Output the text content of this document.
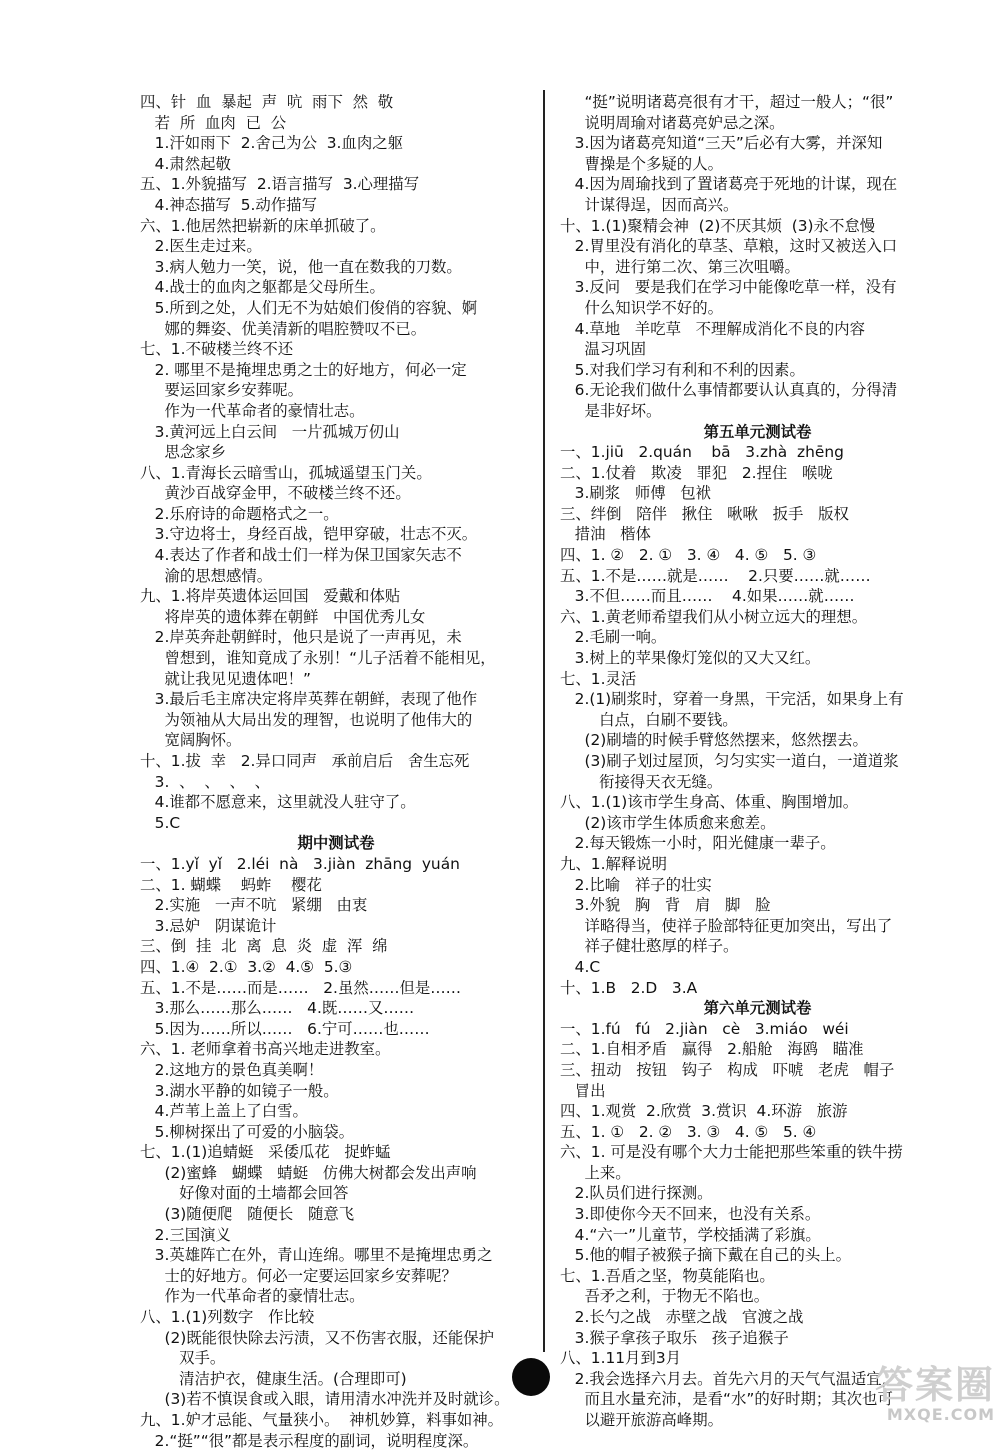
四、针  血  暴起  声  吭  雨下  然  敬
若  所  血肉  已  公
1.汗如雨下  2.舍己为公  3.血肉之躯
4.肃然起敬
五、1.外貌描写  2.语言描写  3.心理描写
4.神态描写  5.动作描写
六、1.他居然把崭新的床单抓破了。
2.医生走过来。
3.病人勉力一笑，说，他一直在数我的刀数。
4.战士的血肉之躯都是父母所生。
5.所到之处，人们无不为姑娘们俊俏的容貌、婀
娜的舞姿、优美清新的唱腔赞叹不已。
七、1.不破楼兰终不还
2. 哪里不是掩埋忠勇之士的好地方，何必一定
要运回家乡安葬呢。
作为一代革命者的豪情壮志。
3.黄河远上白云间   一片孤城万仞山
思念家乡
八、1.青海长云暗雪山，孤城遥望玉门关。
黄沙百战穿金甲，不破楼兰终不还。
2.乐府诗的命题格式之一。
3.守边将士，身经百战，铠甲穿破，壮志不灭。
4.表达了作者和战士们一样为保卫国家矢志不
渝的思想感情。
九、1.将岸英遗体运回国   爱戴和体贴
将岸英的遗体葬在朝鲜   中国优秀儿女
2.岸英奔赴朝鲜时，他只是说了一声再见，未
曾想到，谁知竟成了永别！“儿子活着不能相见，
就让我见见遗体吧！”
3.最后毛主席决定将岸英葬在朝鲜，表现了他作
为领袖从大局出发的理智，也说明了他伟大的
宽阔胸怀。
十、1.拔  幸   2.异口同声   承前启后   舍生忘死
3.  、  、  、  、
4.谁都不愿意来，这里就没人驻守了。
5.C
期中测试卷
一、1.yǐ  yǐ   2.léi  nà   3.jiàn  zhāng  yuán
二、1. 蝴蝶    蚂蚱    樱花
2.实施   一声不吭   紧绷   由衷
3.忌妒   阴谋诡计
三、倒  挂  北  离  息  炎  虚  浑  绵
四、1.④  2.①  3.②  4.⑤  5.③
五、1.不是……而是……   2.虽然……但是……
3.那么……那么……   4.既……又……
5.因为……所以……   6.宁可……也……
六、1. 老师拿着书高兴地走进教室。
2.这地方的景色真美啊！
3.湖水平静的如镜子一般。
4.芦苇上盖上了白雪。
5.柳树探出了可爱的小脑袋。
七、1.(1)追蜻蜓   采倭瓜花   捉蚱蜢
(2)蜜蜂   蝴蝶   蜻蜓   仿佛大树都会发出声响
好像对面的土墙都会回答
(3)随便爬   随便长   随意飞
2.三国演义
3.英雄阵亡在外，青山连绵。哪里不是掩埋忠勇之
士的好地方。何必一定要运回家乡安葬呢？
作为一代革命者的豪情壮志。
八、1.(1)列数字   作比较
(2)既能很快除去污渍，又不伤害衣服，还能保护
双手。
清洁护衣，健康生活。(合理即可)
(3)若不慎误食或入眼，请用清水冲洗并及时就诊。
九、1.妒才忌能、气量狭小。  神机妙算，料事如神。
2.“挺”“很”都是表示程度的副词，说明程度深。
“挺”说明诸葛亮很有才干，超过一般人；“很”
说明周瑜对诸葛亮妒忌之深。
3.因为诸葛亮知道“三天”后必有大雾，并深知
曹操是个多疑的人。
4.因为周瑜找到了置诸葛亮于死地的计谋，现在
计谋得逞，因而高兴。
十、1.(1)聚精会神  (2)不厌其烦  (3)永不怠慢
2.胃里没有消化的草茎、草粮，这时又被送入口
中，进行第二次、第三次咀嚼。
3.反问   要是我们在学习中能像吃草一样，没有
什么知识学不好的。
4.草地   羊吃草   不理解成消化不良的内容
温习巩固
5.对我们学习有利和不利的因素。
6.无论我们做什么事情都要认认真真的，分得清
是非好坏。
第五单元测试卷
一、1.jiū   2.quán    bā   3.zhà  zhēng
二、1.仗着   欺凌   罪犯   2.捏住   喉咙
3.刷浆   师傅   包袱
三、绊倒   陪伴   揪住   啾啾   扳手   版权
措油   楷体
四、1. ②   2. ①   3. ④   4. ⑤   5. ③
五、1.不是……就是……    2.只要……就……
3.不但……而且……    4.如果……就……
六、1.黄老师希望我们从小树立远大的理想。
2.毛刷一响。
3.树上的苹果像灯笼似的又大又红。
七、1.灵活
2.(1)刷浆时，穿着一身黑，干完活，如果身上有
白点，白刷不要钱。
(2)刷墙的时候手臂悠然摆来，悠然摆去。
(3)刷子划过屋顶，匀匀实实一道白，一道道浆
衔接得天衣无缝。
八、1.(1)该市学生身高、体重、胸围增加。
(2)该市学生体质愈来愈差。
2.每天锻炼一小时，阳光健康一辈子。
九、1.解释说明
2.比喻   祥子的壮实
3.外貌   胸   背   肩   脚   脸
详略得当，使祥子脸部特征更加突出，写出了
祥子健壮憨厚的样子。
4.C
十、1.B   2.D   3.A
第六单元测试卷
一、1.fú   fú   2.jiàn   cè   3.miáo   wéi
二、1.自相矛盾   赢得   2.船舱   海鸥   瞄准
三、扭动   按钮   钩子   构成   吓唬   老虎   帽子
冒出
四、1.观赏  2.欣赏  3.赏识  4.环游   旅游
五、1. ①   2. ②   3. ③   4. ⑤   5. ④
六、1. 可是没有哪个大力士能把那些笨重的铁牛捞
上来。
2.队员们进行探测。
3.即使你今天不回来，也没有关系。
4.“六一”儿童节，学校插满了彩旗。
5.他的帽子被猴子摘下戴在自己的头上。
七、1.吾盾之坚，物莫能陷也。
吾矛之利，于物无不陷也。
2.长勺之战   赤壁之战   官渡之战
3.猴子拿孩子取乐   孩子追猴子
八、1.11月到3月
2.我会选择六月去。首先六月的天气气温适宜，
而且水量充沛，是看“水”的好时期；其次也可
以避开旅游高峰期。
答案圈
MXQE.COM
